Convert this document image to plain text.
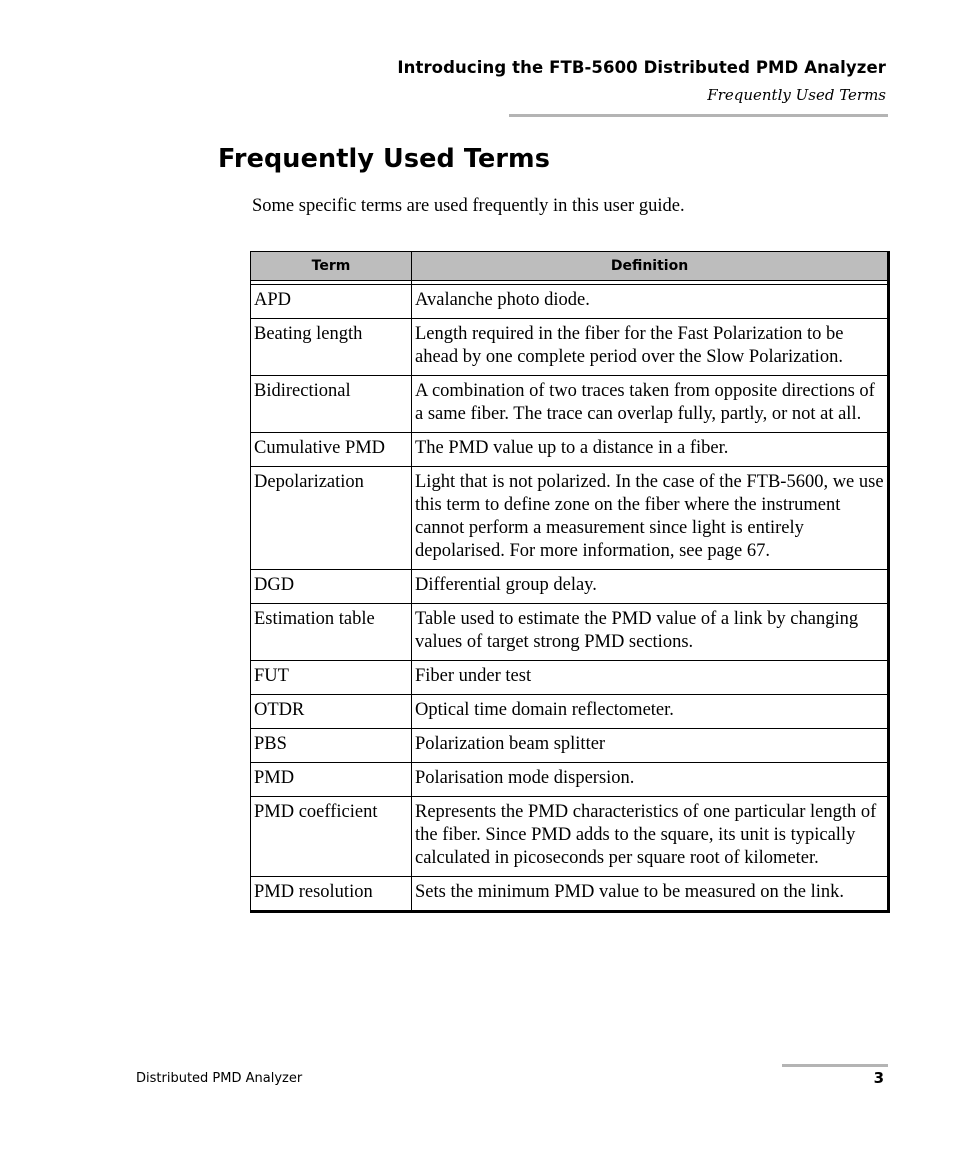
Introducing the FTB-5600 Distributed PMD Analyzer
Frequently Used Terms
Frequently Used Terms

Some specific terms are used frequently in this user guide.

Term	Definition

APD	Avalanche photo diode.
Beating length	Length required in the fiber for the Fast Polarization to be ahead by one complete period over the Slow Polarization.
Bidirectional	A combination of two traces taken from opposite directions of a same fiber. The trace can overlap fully, partly, or not at all.
Cumulative PMD	The PMD value up to a distance in a fiber.
Depolarization	Light that is not polarized. In the case of the FTB-5600, we use this term to define zone on the fiber where the instrument cannot perform a measurement since light is entirely depolarised. For more information, see page 67.
DGD	Differential group delay.
Estimation table	Table used to estimate the PMD value of a link by changing values of target strong PMD sections.
FUT	Fiber under test
OTDR	Optical time domain reflectometer.
PBS	Polarization beam splitter
PMD	Polarisation mode dispersion.
PMD coefficient	Represents the PMD characteristics of one particular length of the fiber. Since PMD adds to the square, its unit is typically calculated in picoseconds per square root of kilometer.
PMD resolution	Sets the minimum PMD value to be measured on the link.
Distributed PMD Analyzer	3
